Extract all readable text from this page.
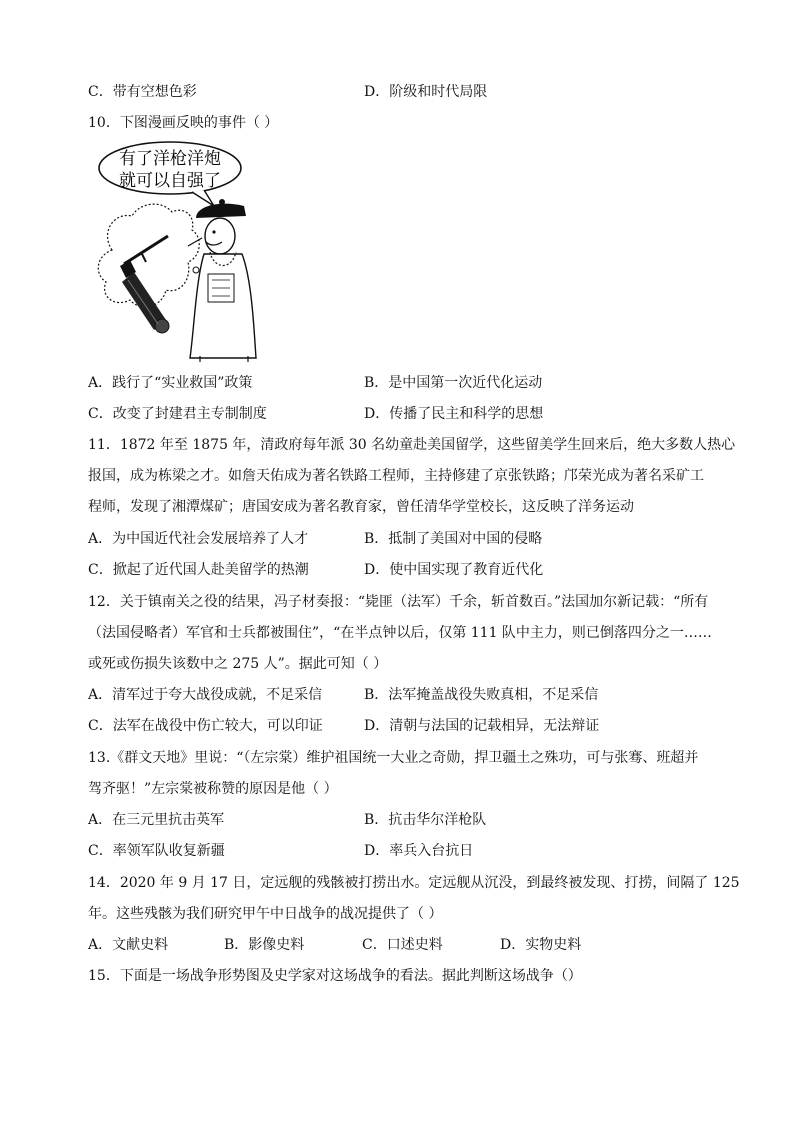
C．带有空想色彩	D．阶级和时代局限
10．下图漫画反映的事件（ ）
有了洋枪洋炮
就可以自强了
A．践行了“实业救国”政策	B．是中国第一次近代化运动
C．改变了封建君主专制制度	D．传播了民主和科学的思想
11．1872 年至 1875 年，清政府每年派 30 名幼童赴美国留学，这些留美学生回来后，绝大多数人热心
报国，成为栋梁之才。如詹天佑成为著名铁路工程师，主持修建了京张铁路；邝荣光成为著名采矿工
程师，发现了湘潭煤矿；唐国安成为著名教育家，曾任清华学堂校长，这反映了洋务运动
A．为中国近代社会发展培养了人才	B．抵制了美国对中国的侵略
C．掀起了近代国人赴美留学的热潮	D．使中国实现了教育近代化
12．关于镇南关之役的结果，冯子材奏报：“毙匪（法军）千余，斩首数百。”法国加尔新记载：“所有
（法国侵略者）军官和士兵都被围住”，“在半点钟以后，仅第 111 队中主力，则已倒落四分之一……
或死或伤损失该数中之 275 人”。据此可知（ ）
A．清军过于夸大战役成就，不足采信	B．法军掩盖战役失败真相，不足采信
C．法军在战役中伤亡较大，可以印证	D．清朝与法国的记载相异，无法辩证
13.《群文天地》里说：“（左宗棠）维护祖国统一大业之奇勋，捍卫疆土之殊功，可与张骞、班超并
驾齐驱！”左宗棠被称赞的原因是他（ ）
A．在三元里抗击英军	B．抗击华尔洋枪队
C．率领军队收复新疆	D．率兵入台抗日
14．2020 年 9 月 17 日，定远舰的残骸被打捞出水。定远舰从沉没，到最终被发现、打捞，间隔了 125
年。这些残骸为我们研究甲午中日战争的战况提供了（ ）
A．文献史料	B．影像史料	C．口述史料	D．实物史料
15．下面是一场战争形势图及史学家对这场战争的看法。据此判断这场战争（）
